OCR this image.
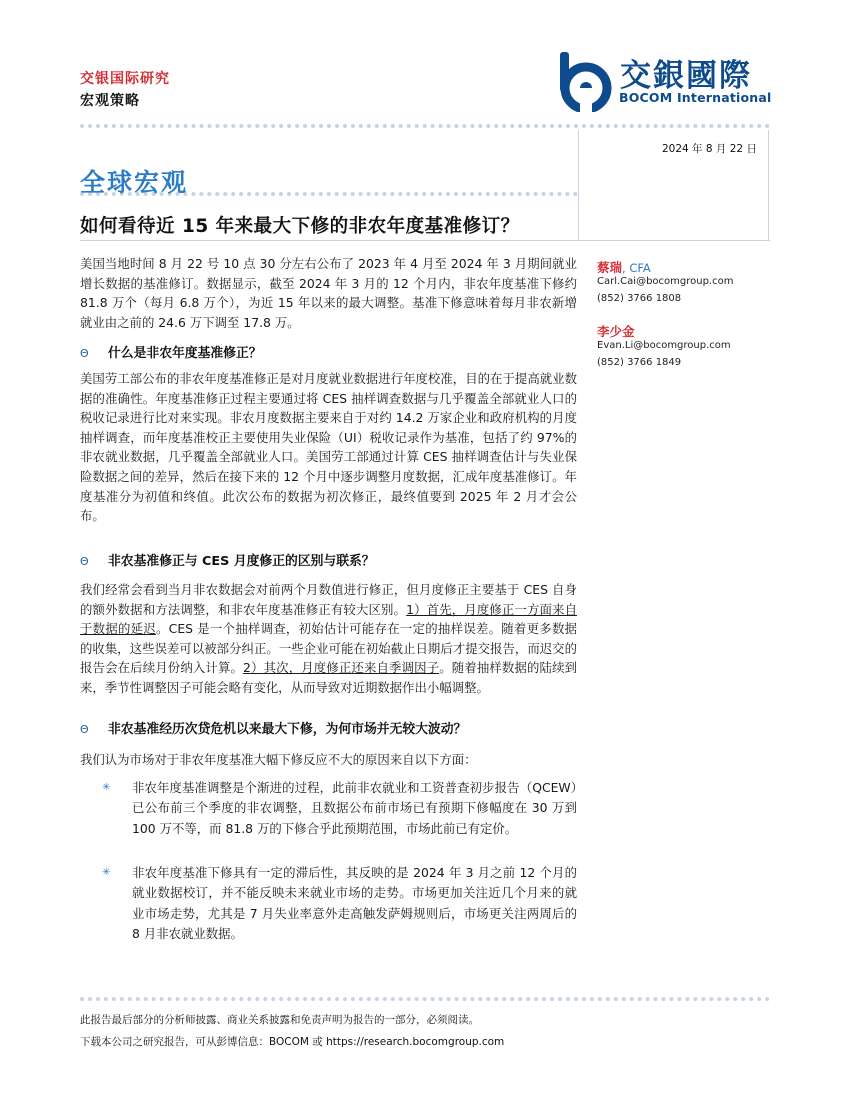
交银国际研究
宏观策略
交銀國際
BOCOM International
2024 年 8 月 22 日
全球宏观
如何看待近 15 年来最大下修的非农年度基准修订？
蔡瑞, CFA
Carl.Cai@bocomgroup.com
(852) 3766 1808
李少金
Evan.Li@bocomgroup.com
(852) 3766 1849
美国当地时间 8 月 22 号 10 点 30 分左右公布了 2023 年 4 月至 2024 年 3 月期间就业增长数据的基准修订。数据显示，截至 2024 年 3 月的 12 个月内，非农年度基准下修约 81.8 万个（每月 6.8 万个），为近 15 年以来的最大调整。基准下修意味着每月非农新增就业由之前的 24.6 万下调至 17.8 万。
Θ 什么是非农年度基准修正？
美国劳工部公布的非农年度基准修正是对月度就业数据进行年度校准，目的在于提高就业数据的准确性。年度基准修正过程主要通过将 CES 抽样调查数据与几乎覆盖全部就业人口的税收记录进行比对来实现。非农月度数据主要来自于对约 14.2 万家企业和政府机构的月度抽样调查，而年度基准校正主要使用失业保险（UI）税收记录作为基准，包括了约 97%的非农就业数据，几乎覆盖全部就业人口。美国劳工部通过计算 CES 抽样调查估计与失业保险数据之间的差异，然后在接下来的 12 个月中逐步调整月度数据，汇成年度基准修订。年度基准分为初值和终值。此次公布的数据为初次修正，最终值要到 2025 年 2 月才会公布。
Θ 非农基准修正与 CES 月度修正的区别与联系？
我们经常会看到当月非农数据会对前两个月数值进行修正，但月度修正主要基于 CES 自身的额外数据和方法调整，和非农年度基准修正有较大区别。1）首先，月度修正一方面来自于数据的延迟。CES 是一个抽样调查，初始估计可能存在一定的抽样误差。随着更多数据的收集，这些误差可以被部分纠正。一些企业可能在初始截止日期后才提交报告，而迟交的报告会在后续月份纳入计算。2）其次，月度修正还来自季调因子。随着抽样数据的陆续到来，季节性调整因子可能会略有变化，从而导致对近期数据作出小幅调整。
Θ 非农基准经历次贷危机以来最大下修，为何市场并无较大波动？
我们认为市场对于非农年度基准大幅下修反应不大的原因来自以下方面：
✳ 非农年度基准调整是个渐进的过程，此前非农就业和工资普查初步报告（QCEW）已公布前三个季度的非农调整，且数据公布前市场已有预期下修幅度在 30 万到 100 万不等，而 81.8 万的下修合乎此预期范围，市场此前已有定价。
✳ 非农年度基准下修具有一定的滞后性，其反映的是 2024 年 3 月之前 12 个月的就业数据校订，并不能反映未来就业市场的走势。市场更加关注近几个月来的就业市场走势，尤其是 7 月失业率意外走高触发萨姆规则后，市场更关注两周后的 8 月非农就业数据。
此报告最后部分的分析师披露、商业关系披露和免责声明为报告的一部分，必须阅读。
下载本公司之研究报告，可从彭博信息：BOCOM 或 https://research.bocomgroup.com
